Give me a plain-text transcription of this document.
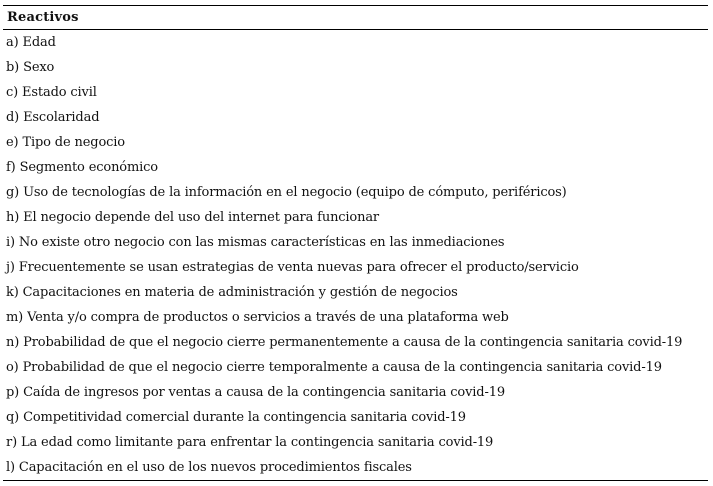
Reactivos
a) Edad
b) Sexo
c) Estado civil
d) Escolaridad
e) Tipo de negocio
f) Segmento económico
g) Uso de tecnologías de la información en el negocio (equipo de cómputo, periféricos)
h) El negocio depende del uso del internet para funcionar
i) No existe otro negocio con las mismas características en las inmediaciones
j) Frecuentemente se usan estrategias de venta nuevas para ofrecer el producto/servicio
k) Capacitaciones en materia de administración y gestión de negocios
m) Venta y/o compra de productos o servicios a través de una plataforma web
n) Probabilidad de que el negocio cierre permanentemente a causa de la contingencia sanitaria covid-19
o) Probabilidad de que el negocio cierre temporalmente a causa de la contingencia sanitaria covid-19
p) Caída de ingresos por ventas a causa de la contingencia sanitaria covid-19
q) Competitividad comercial durante la contingencia sanitaria covid-19
r) La edad como limitante para enfrentar la contingencia sanitaria covid-19
l) Capacitación en el uso de los nuevos procedimientos fiscales
